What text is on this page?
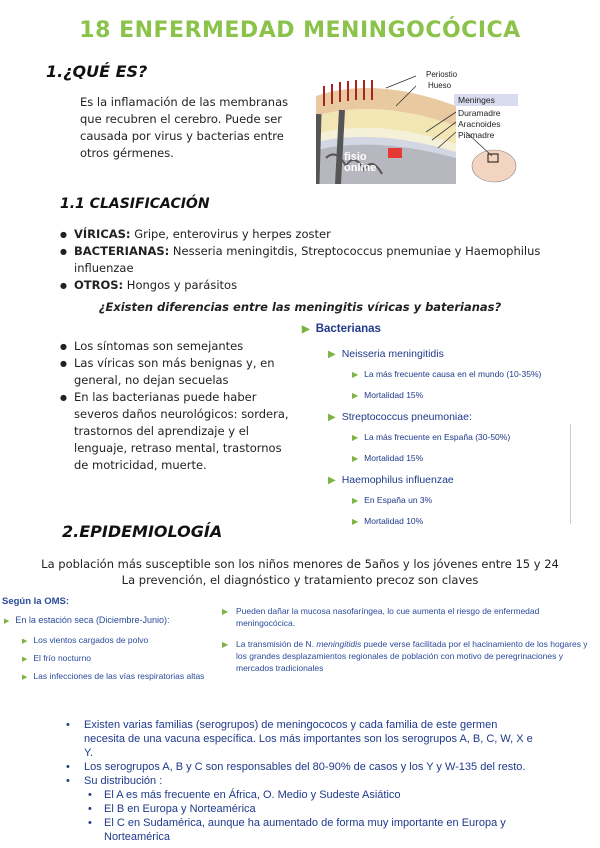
18 ENFERMEDAD MENINGOCÓCICA
1.¿QUÉ ES?
Es la inflamación de las membranas que recubren el cerebro. Puede ser causada por virus y bacterias entre otros gérmenes.
Periostio
Hueso
Meninges
Duramadre
Aracnoides
Piamadre
fisio online
1.1 CLASIFICACIÓN
● VÍRICAS: Gripe, enterovirus y herpes zoster
● BACTERIANAS: Nesseria meningitdis, Streptococcus pnemuniae y Haemophilus influenzae
● OTROS: Hongos y parásitos
¿Existen diferencias entre las meningitis víricas y baterianas?
● Los síntomas son semejantes
● Las víricas son más benignas y, en general, no dejan secuelas
● En las bacterianas puede haber severos daños neurológicos: sordera, trastornos del aprendizaje y el lenguaje, retraso mental, trastornos de motricidad, muerte.
▶ Bacterianas
▶ Neisseria meningitidis
▶ La más frecuente causa en el mundo (10-35%)
▶ Mortalidad 15%
▶ Streptococcus pneumoniae:
▶ La más frecuente en España (30-50%)
▶ Mortalidad 15%
▶ Haemophilus influenzae
▶ En España un 3%
▶ Mortalidad 10%
2.EPIDEMIOLOGÍA
La población más susceptible son los niños menores de 5años y los jóvenes entre 15 y 24
La prevención, el diagnóstico y tratamiento precoz son claves
Según la OMS:
▶ En la estación seca (Diciembre-Junio):
▶ Los vientos cargados de polvo
▶ El frío nocturno
▶ Las infecciones de las vías respiratorias altas
▶ Pueden dañar la mucosa nasofaríngea, lo cue aumenta el riesgo de enfermedad meningocócica.
▶ La transmisión de N. meningitidis puede verse facilitada por el hacinamiento de los hogares y los grandes desplazamientos regionales de población con motivo de peregrinaciones y mercados tradicionales
• Existen varias familias (serogrupos) de meningococos y cada familia de este germen necesita de una vacuna específica. Los más importantes son los serogrupos A, B, C, W, X e Y.
• Los serogrupos A, B y C son responsables del 80-90% de casos y los Y y W-135 del resto.
• Su distribución :
• El A es más frecuente en África, O. Medio y Sudeste Asiático
• El B en Europa y Norteamérica
• El C en Sudamérica, aunque ha aumentado de forma muy importante en Europa y Norteamérica
